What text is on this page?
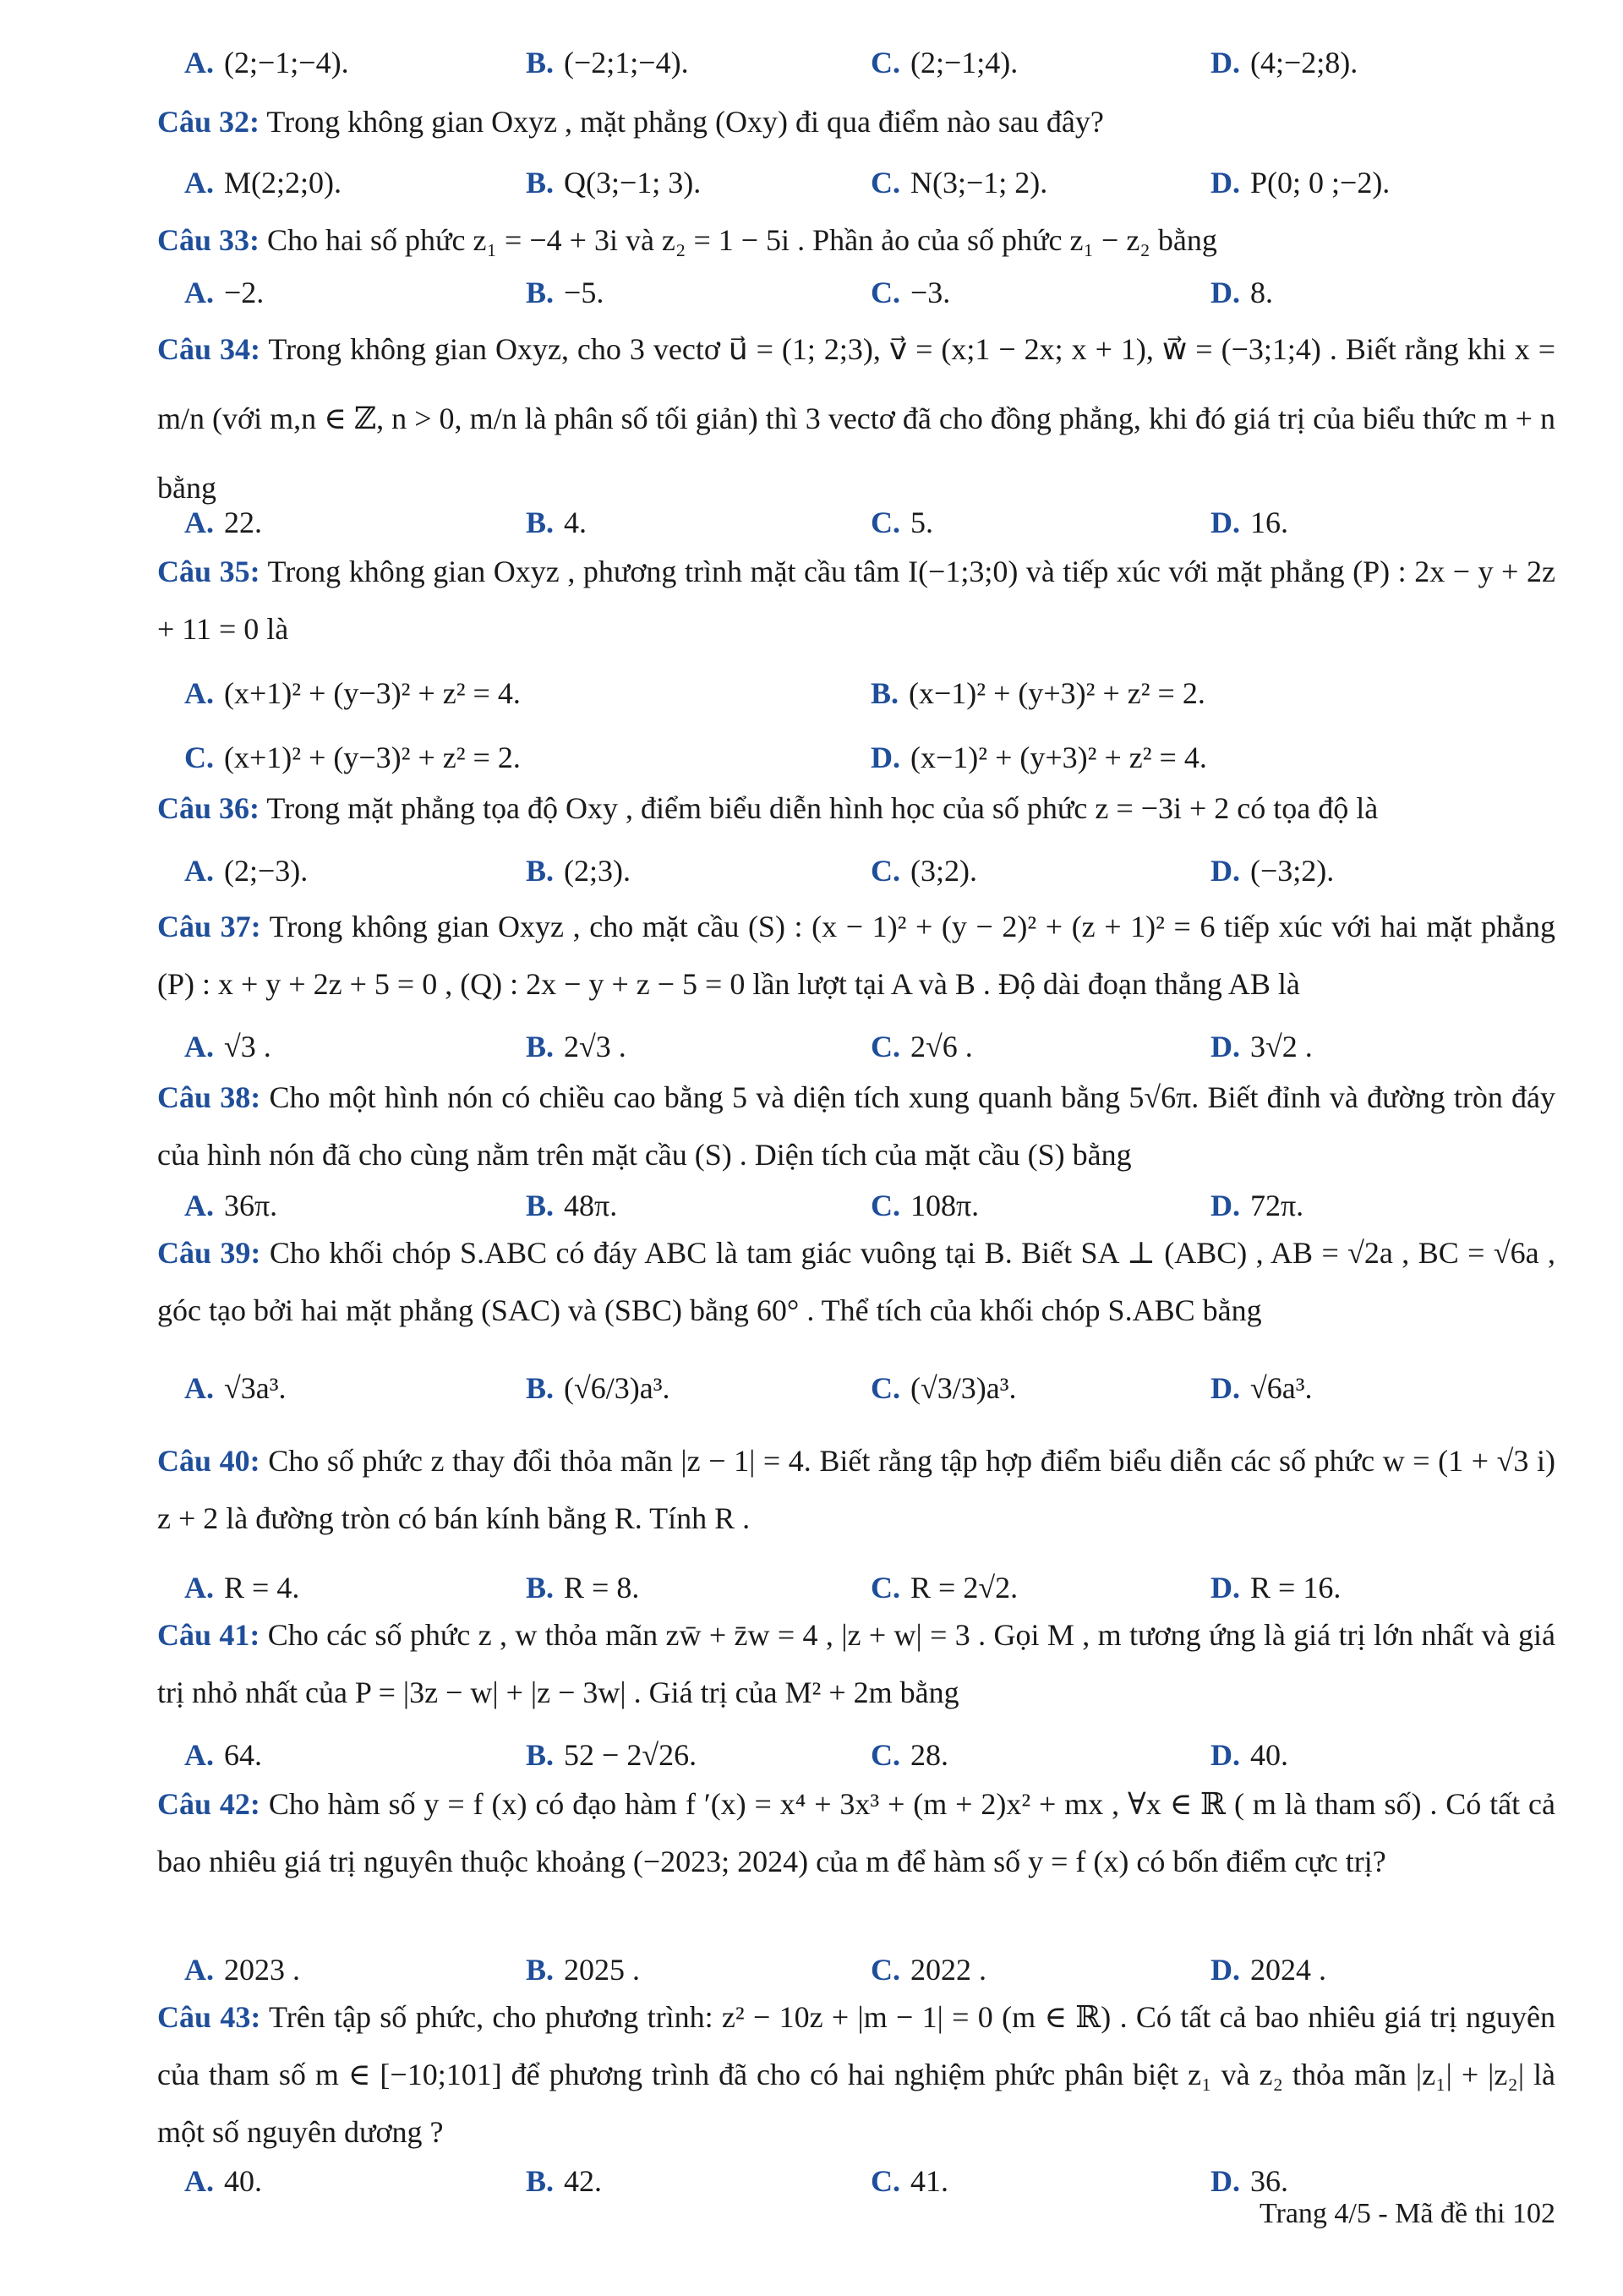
A. (2;−1;−4).	B. (−2;1;−4).	C. (2;−1;4).	D. (4;−2;8).
Câu 32: Trong không gian Oxyz , mặt phẳng (Oxy) đi qua điểm nào sau đây?
A. M(2;2;0).	B. Q(3;−1; 3).	C. N(3;−1; 2).	D. P(0; 0 ;−2).
Câu 33: Cho hai số phức z₁ = −4 + 3i và z₂ = 1 − 5i . Phần ảo của số phức z₁ − z₂ bằng
A. −2.	B. −5.	C. −3.	D. 8.
Câu 34: Trong không gian Oxyz, cho 3 vectơ u⃗ = (1; 2;3), v⃗ = (x;1 − 2x; x + 1), w⃗ = (−3;1;4) . Biết rằng khi x = m/n (với m,n ∈ ℤ, n > 0, m/n là phân số tối giản) thì 3 vectơ đã cho đồng phẳng, khi đó giá trị của biểu thức m + n bằng
A. 22.	B. 4.	C. 5.	D. 16.
Câu 35: Trong không gian Oxyz , phương trình mặt cầu tâm I(−1;3;0) và tiếp xúc với mặt phẳng (P) : 2x − y + 2z + 11 = 0 là
A. (x+1)² + (y−3)² + z² = 4.	B. (x−1)² + (y+3)² + z² = 2.
C. (x+1)² + (y−3)² + z² = 2.	D. (x−1)² + (y+3)² + z² = 4.
Câu 36: Trong mặt phẳng tọa độ Oxy , điểm biểu diễn hình học của số phức z = −3i + 2 có tọa độ là
A. (2;−3).	B. (2;3).	C. (3;2).	D. (−3;2).
Câu 37: Trong không gian Oxyz , cho mặt cầu (S) : (x − 1)² + (y − 2)² + (z + 1)² = 6 tiếp xúc với hai mặt phẳng (P) : x + y + 2z + 5 = 0 , (Q) : 2x − y + z − 5 = 0 lần lượt tại A và B . Độ dài đoạn thẳng AB là
A. √3 .	B. 2√3 .	C. 2√6 .	D. 3√2 .
Câu 38: Cho một hình nón có chiều cao bằng 5 và diện tích xung quanh bằng 5√6π. Biết đỉnh và đường tròn đáy của hình nón đã cho cùng nằm trên mặt cầu (S) . Diện tích của mặt cầu (S) bằng
A. 36π.	B. 48π.	C. 108π.	D. 72π.
Câu 39: Cho khối chóp S.ABC có đáy ABC là tam giác vuông tại B. Biết SA ⊥ (ABC) , AB = √2a , BC = √6a , góc tạo bởi hai mặt phẳng (SAC) và (SBC) bằng 60° . Thể tích của khối chóp S.ABC bằng
A. √3a³.	B. (√6/3)a³.	C. (√3/3)a³.	D. √6a³.
Câu 40: Cho số phức z thay đổi thỏa mãn |z − 1| = 4. Biết rằng tập hợp điểm biểu diễn các số phức w = (1 + √3 i) z + 2 là đường tròn có bán kính bằng R. Tính R .
A. R = 4.	B. R = 8.	C. R = 2√2.	D. R = 16.
Câu 41: Cho các số phức z , w thỏa mãn zw̄ + z̄w = 4 , |z + w| = 3 . Gọi M , m tương ứng là giá trị lớn nhất và giá trị nhỏ nhất của P = |3z − w| + |z − 3w| . Giá trị của M² + 2m bằng
A. 64.	B. 52 − 2√26.	C. 28.	D. 40.
Câu 42: Cho hàm số y = f (x) có đạo hàm f ′(x) = x⁴ + 3x³ + (m + 2)x² + mx , ∀x ∈ ℝ ( m là tham số) . Có tất cả bao nhiêu giá trị nguyên thuộc khoảng (−2023; 2024) của m để hàm số y = f (x) có bốn điểm cực trị?
A. 2023 .	B. 2025 .	C. 2022 .	D. 2024 .
Câu 43: Trên tập số phức, cho phương trình: z² − 10z + |m − 1| = 0 (m ∈ ℝ) . Có tất cả bao nhiêu giá trị nguyên của tham số m ∈ [−10;101] để phương trình đã cho có hai nghiệm phức phân biệt z₁ và z₂ thỏa mãn |z₁| + |z₂| là một số nguyên dương ?
A. 40.	B. 42.	C. 41.	D. 36.
Trang 4/5 - Mã đề thi 102
